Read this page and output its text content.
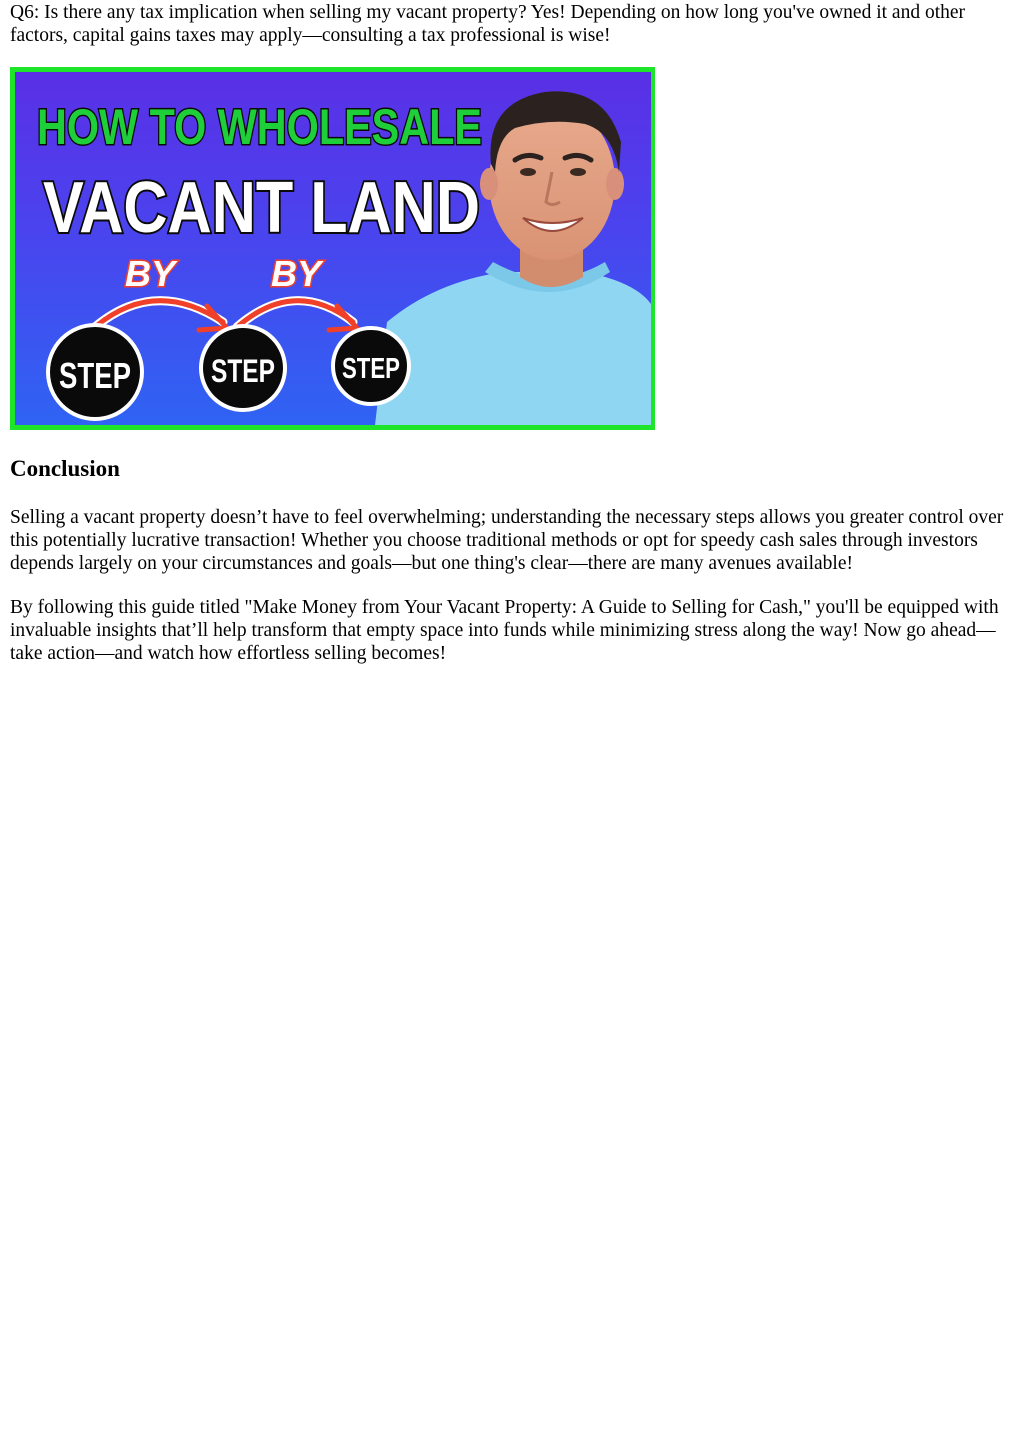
Q6: Is there any tax implication when selling my vacant property? Yes! Depending on how long you've owned it and other factors, capital gains taxes may apply—consulting a tax professional is wise!

HOW TO WHOLESALE
VACANT LAND
BY	BY
STEP	STEP STEP
Conclusion

Selling a vacant property doesn’t have to feel overwhelming; understanding the necessary steps allows you greater control over this potentially lucrative transaction! Whether you choose traditional methods or opt for speedy cash sales through investors depends largely on your circumstances and goals—but one thing's clear—there are many avenues available!

By following this guide titled "Make Money from Your Vacant Property: A Guide to Selling for Cash," you'll be equipped with invaluable insights that’ll help transform that empty space into funds while minimizing stress along the way! Now go ahead—take action—and watch how effortless selling becomes!
